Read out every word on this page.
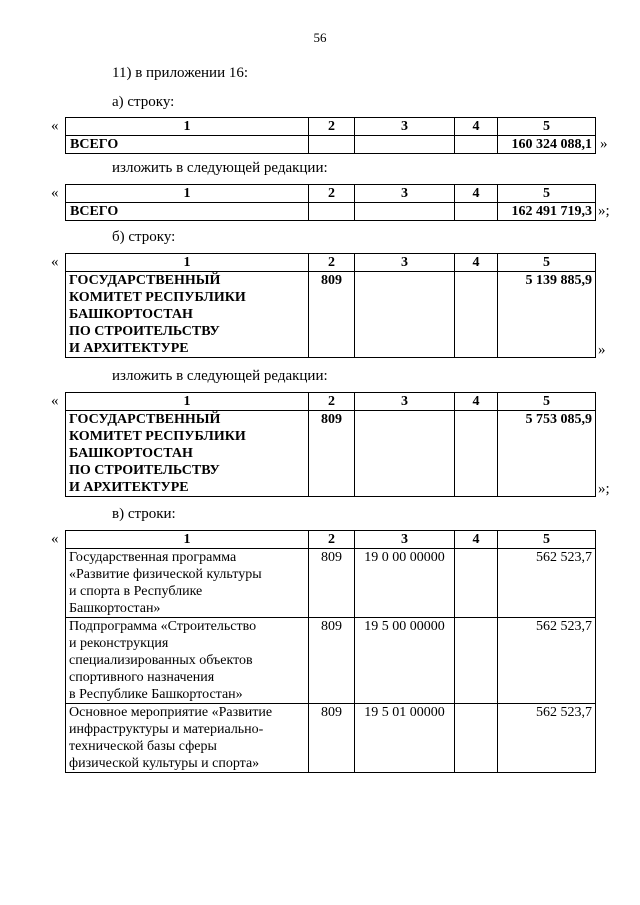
56
11) в приложении 16:
а) строку:
«	1	2	3	4	5
ВСЕГО				160 324 088,1 »
изложить в следующей редакции:
«	1	2	3	4	5
ВСЕГО				162 491 719,3 »;
б) строку:
«	1	2	3	4	5
ГОСУДАРСТВЕННЫЙ
КОМИТЕТ РЕСПУБЛИКИ
БАШКОРТОСТАН
ПО СТРОИТЕЛЬСТВУ
И АРХИТЕКТУРЕ	809			5 139 885,9
»
изложить в следующей редакции:
«	1	2	3	4	5
ГОСУДАРСТВЕННЫЙ
КОМИТЕТ РЕСПУБЛИКИ
БАШКОРТОСТАН
ПО СТРОИТЕЛЬСТВУ
И АРХИТЕКТУРЕ	809			5 753 085,9
»;
в) строки:
«	1	2	3	4	5
Государственная программа
«Развитие физической культуры
и спорта в Республике
Башкортостан»	809	19 0 00 00000		562 523,7
Подпрограмма «Строительство
и реконструкция
специализированных объектов
спортивного назначения
в Республике Башкортостан»	809	19 5 00 00000		562 523,7
Основное мероприятие «Развитие
инфраструктуры и материально-
технической базы сферы
физической культуры и спорта»	809	19 5 01 00000		562 523,7
